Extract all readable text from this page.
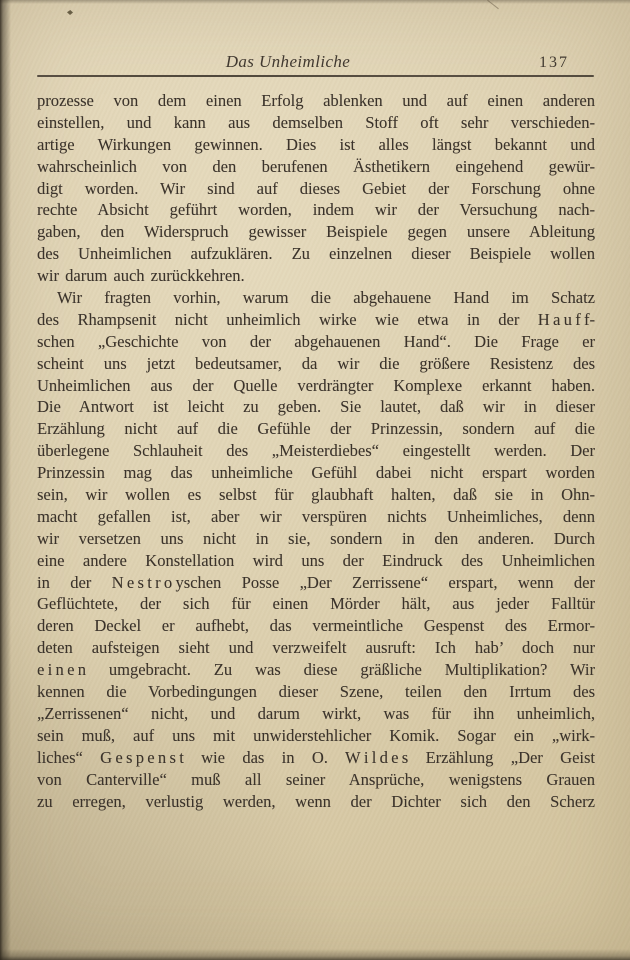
Das Unheimliche	137
prozesse von dem einen Erfolg ablenken und auf einen anderen
einstellen, und kann aus demselben Stoff oft sehr verschieden-
artige Wirkungen gewinnen. Dies ist alles längst bekannt und
wahrscheinlich von den berufenen Ästhetikern eingehend gewür-
digt worden. Wir sind auf dieses Gebiet der Forschung ohne
rechte Absicht geführt worden, indem wir der Versuchung nach-
gaben, den Widerspruch gewisser Beispiele gegen unsere Ableitung
des Unheimlichen aufzuklären. Zu einzelnen dieser Beispiele wollen
wir darum auch zurückkehren.
Wir fragten vorhin, warum die abgehauene Hand im Schatz
des Rhampsenit nicht unheimlich wirke wie etwa in der H a u f f-
schen „Geschichte von der abgehauenen Hand“. Die Frage er
scheint uns jetzt bedeutsamer, da wir die größere Resistenz des
Unheimlichen aus der Quelle verdrängter Komplexe erkannt haben.
Die Antwort ist leicht zu geben. Sie lautet, daß wir in dieser
Erzählung nicht auf die Gefühle der Prinzessin, sondern auf die
überlegene Schlauheit des „Meisterdiebes“ eingestellt werden. Der
Prinzessin mag das unheimliche Gefühl dabei nicht erspart worden
sein, wir wollen es selbst für glaubhaft halten, daß sie in Ohn-
macht gefallen ist, aber wir verspüren nichts Unheimliches, denn
wir versetzen uns nicht in sie, sondern in den anderen. Durch
eine andere Konstellation wird uns der Eindruck des Unheimlichen
in der N e s t r o yschen Posse „Der Zerrissene“ erspart, wenn der
Geflüchtete, der sich für einen Mörder hält, aus jeder Falltür
deren Deckel er aufhebt, das vermeintliche Gespenst des Ermor-
deten aufsteigen sieht und verzweifelt ausruft: Ich hab’ doch nur
e i n e n umgebracht. Zu was diese gräßliche Multiplikation? Wir
kennen die Vorbedingungen dieser Szene, teilen den Irrtum des
„Zerrissenen“ nicht, und darum wirkt, was für ihn unheimlich,
sein muß, auf uns mit unwiderstehlicher Komik. Sogar ein „wirk-
liches“ G e s p e n s t wie das in O. W i l d e s Erzählung „Der Geist
von Canterville“ muß all seiner Ansprüche, wenigstens Grauen
zu erregen, verlustig werden, wenn der Dichter sich den Scherz
